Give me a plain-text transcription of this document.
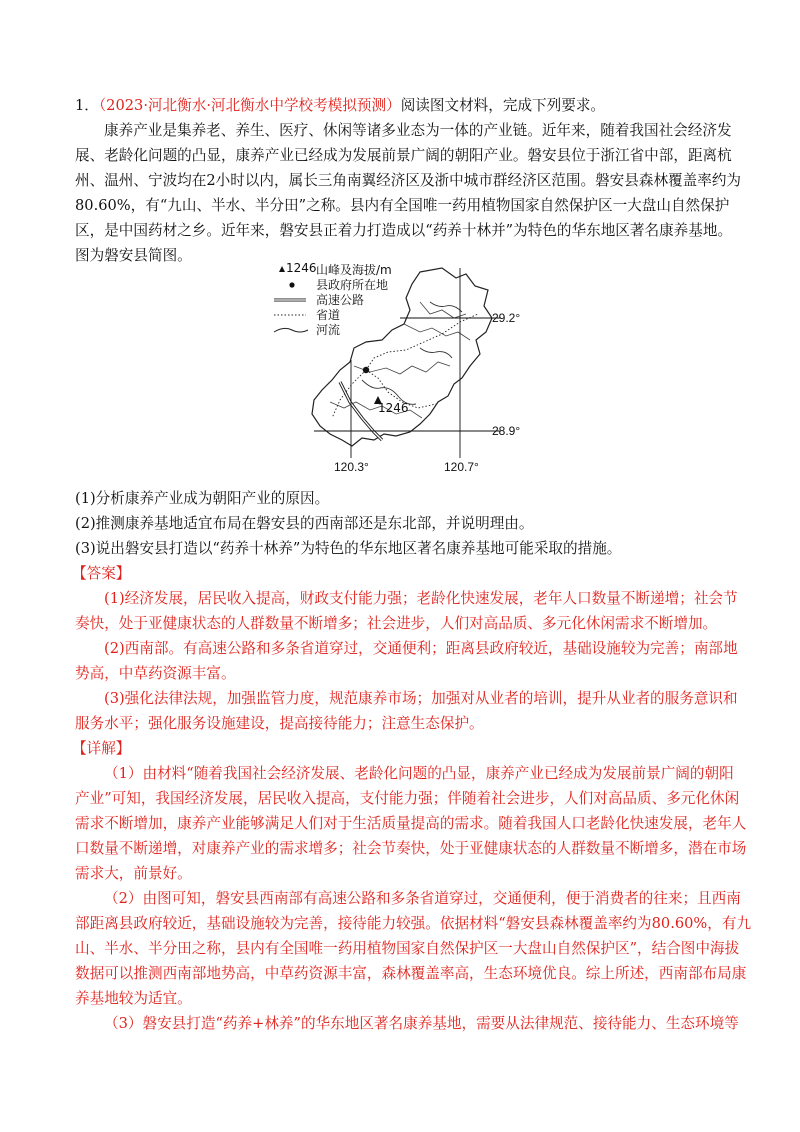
1．（2023·河北衡水·河北衡水中学校考模拟预测）阅读图文材料，完成下列要求。
康养产业是集养老、养生、医疗、休闲等诸多业态为一体的产业链。近年来，随着我国社会经济发
展、老龄化问题的凸显，康养产业已经成为发展前景广阔的朝阳产业。磐安县位于浙江省中部，距离杭
州、温州、宁波均在2小时以内，属长三角南翼经济区及浙中城市群经济区范围。磐安县森林覆盖率约为
80.60%，有“九山、半水、半分田”之称。县内有全国唯一药用植物国家自然保护区一大盘山自然保护
区，是中国药材之乡。近年来，磐安县正着力打造成以“药养十林并”为特色的华东地区著名康养基地。
图为磐安县简图。
1246
1246 山峰及海拔/m
县政府所在地
高速公路
省道
河流
29.2°
28.9°
120.3°	120.7°
(1)分析康养产业成为朝阳产业的原因。
(2)推测康养基地适宜布局在磐安县的西南部还是东北部，并说明理由。
(3)说出磐安县打造以“药养十林养”为特色的华东地区著名康养基地可能采取的措施。
【答案】
(1)经济发展，居民收入提高，财政支付能力强；老龄化快速发展，老年人口数量不断递增；社会节
奏快，处于亚健康状态的人群数量不断增多；社会进步，人们对高品质、多元化休闲需求不断增加。
(2)西南部。有高速公路和多条省道穿过，交通便利；距离县政府较近，基础设施较为完善；南部地
势高，中草药资源丰富。
(3)强化法律法规，加强监管力度，规范康养市场；加强对从业者的培训，提升从业者的服务意识和
服务水平；强化服务设施建设，提高接待能力；注意生态保护。
【详解】
（1）由材料“随着我国社会经济发展、老龄化问题的凸显，康养产业已经成为发展前景广阔的朝阳
产业”可知，我国经济发展，居民收入提高，支付能力强；伴随着社会进步，人们对高品质、多元化休闲
需求不断增加，康养产业能够满足人们对于生活质量提高的需求。随着我国人口老龄化快速发展，老年人
口数量不断递增，对康养产业的需求增多；社会节奏快，处于亚健康状态的人群数量不断增多，潜在市场
需求大，前景好。
（2）由图可知，磐安县西南部有高速公路和多条省道穿过，交通便利，便于消费者的往来；且西南
部距离县政府较近，基础设施较为完善，接待能力较强。依据材料“磐安县森林覆盖率约为80.60%，有九
山、半水、半分田之称，县内有全国唯一药用植物国家自然保护区一大盘山自然保护区”，结合图中海拔
数据可以推测西南部地势高，中草药资源丰富，森林覆盖率高，生态环境优良。综上所述，西南部布局康
养基地较为适宜。
（3）磐安县打造“药养+林养”的华东地区著名康养基地，需要从法律规范、接待能力、生态环境等
